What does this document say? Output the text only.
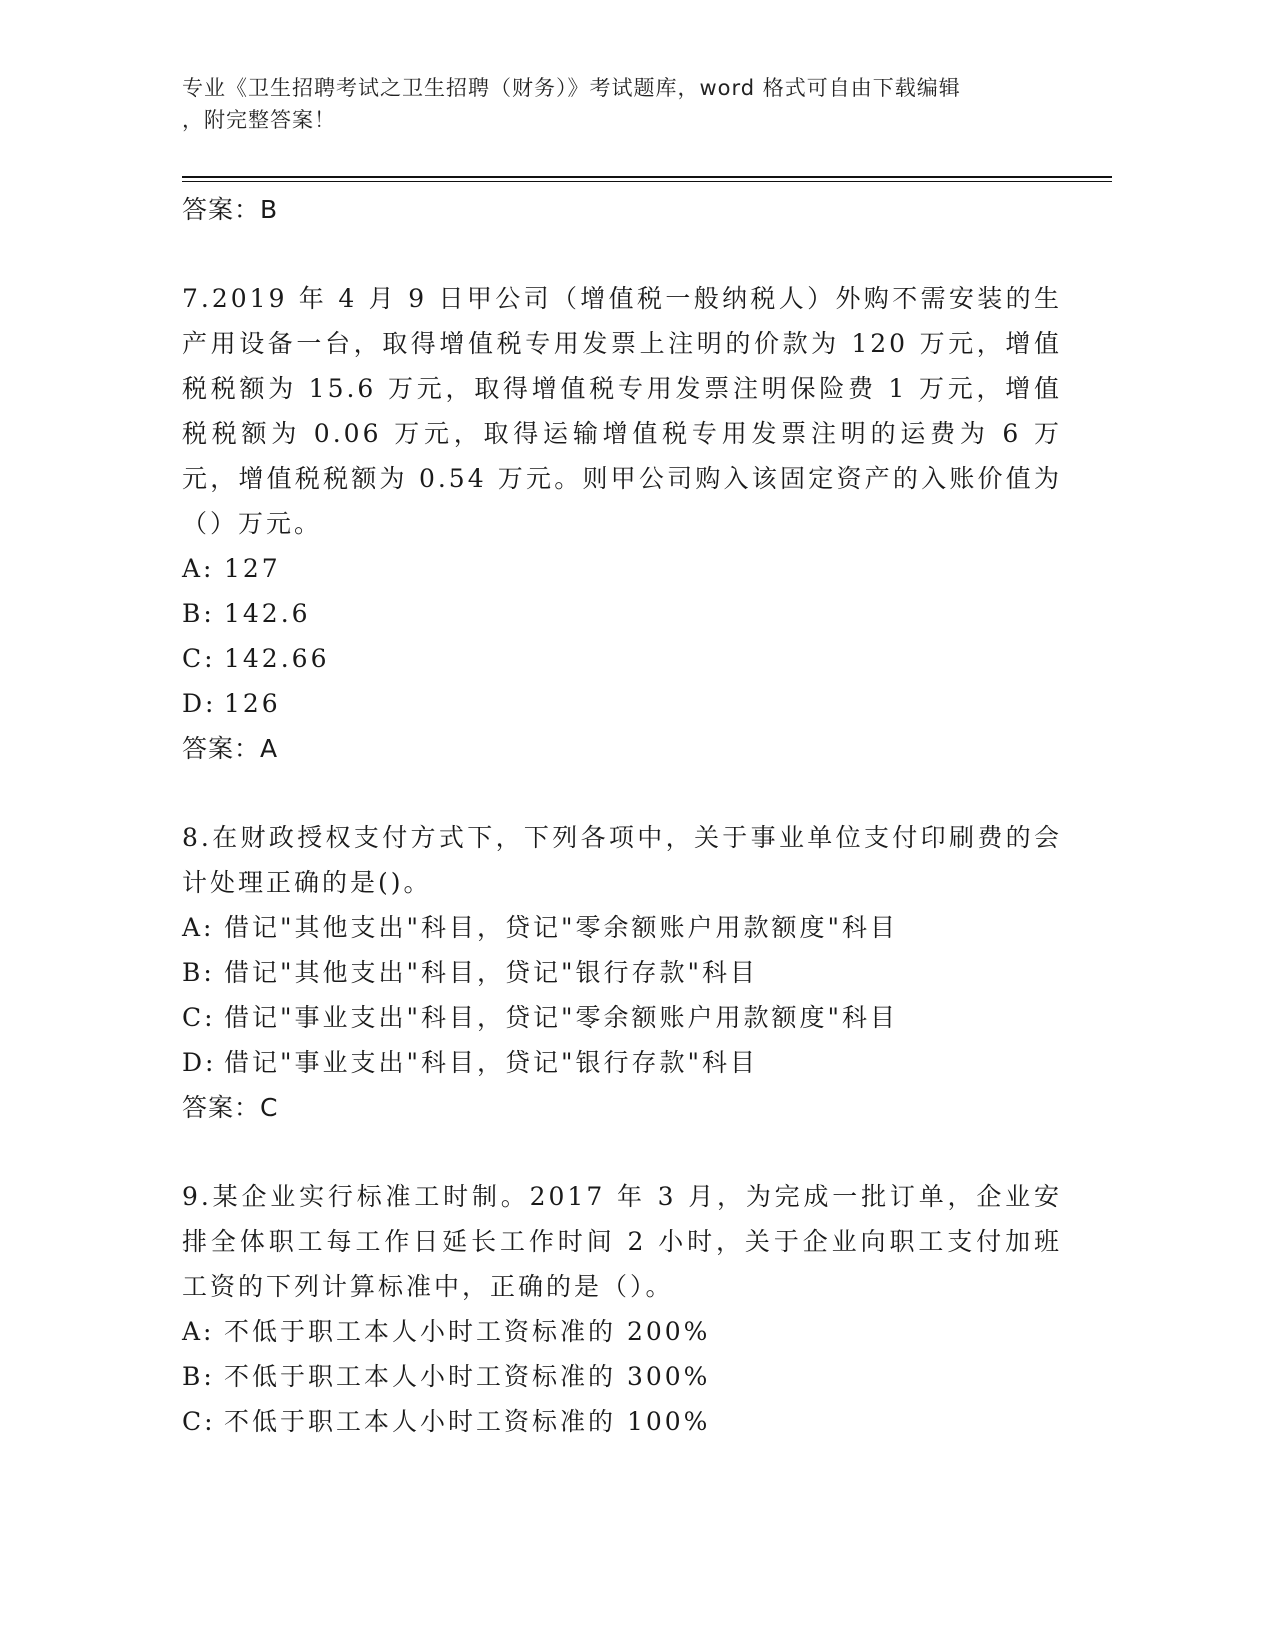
专业《卫生招聘考试之卫生招聘（财务）》考试题库，word 格式可自由下载编辑
，附完整答案！

答案：B

7.2019 年 4 月 9 日甲公司（增值税一般纳税人）外购不需安装的生产用设备一台，取得增值税专用发票上注明的价款为 120 万元，增值税税额为 15.6 万元，取得增值税专用发票注明保险费 1 万元，增值税税额为 0.06 万元，取得运输增值税专用发票注明的运费为 6 万元，增值税税额为 0.54 万元。则甲公司购入该固定资产的入账价值为（）万元。

A: 127

B: 142.6

C: 142.66

D: 126

答案：A

8.在财政授权支付方式下，下列各项中，关于事业单位支付印刷费的会计处理正确的是()。

A: 借记"其他支出"科目，贷记"零余额账户用款额度"科目

B: 借记"其他支出"科目，贷记"银行存款"科目

C: 借记"事业支出"科目，贷记"零余额账户用款额度"科目

D: 借记"事业支出"科目，贷记"银行存款"科目

答案：C

9.某企业实行标准工时制。2017 年 3 月，为完成一批订单，企业安排全体职工每工作日延长工作时间 2 小时，关于企业向职工支付加班工资的下列计算标准中，正确的是（）。

A: 不低于职工本人小时工资标准的 200%

B: 不低于职工本人小时工资标准的 300%

C: 不低于职工本人小时工资标准的 100%
